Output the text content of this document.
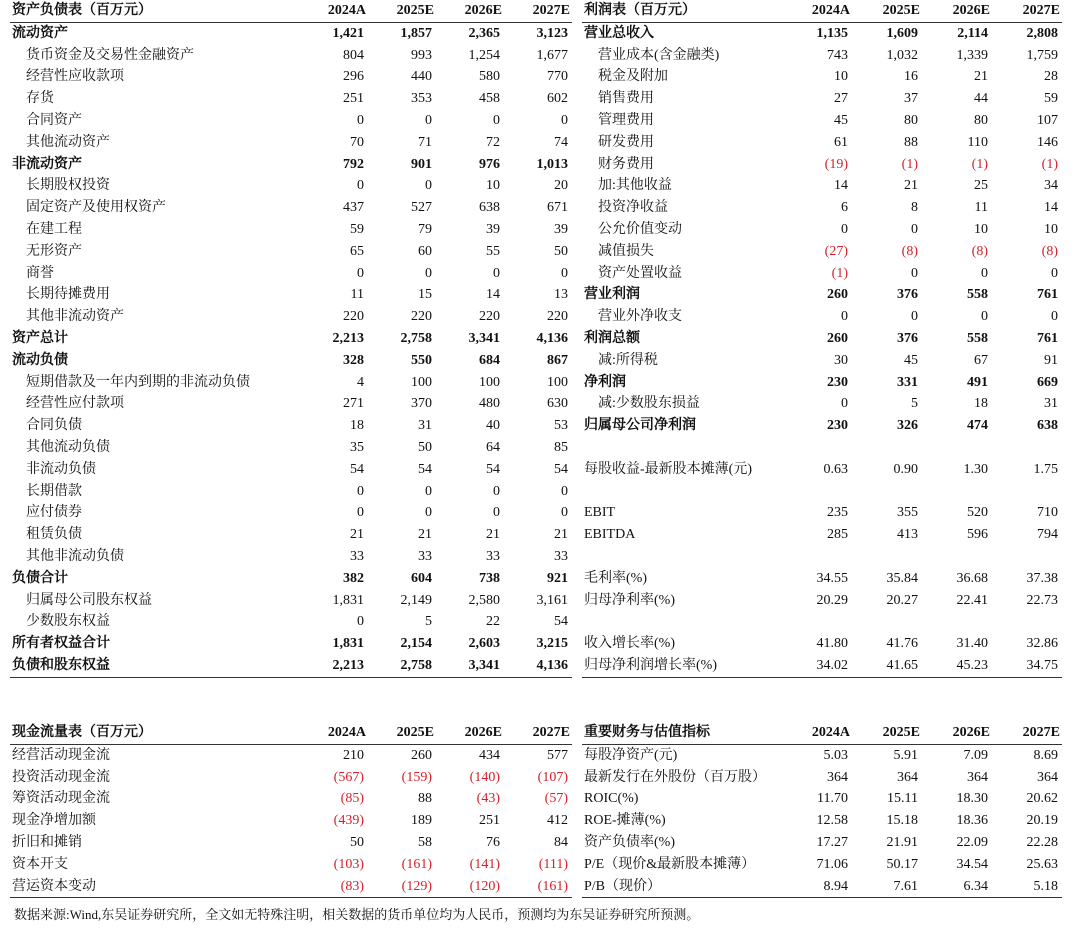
资产负债表（百万元）	2024A	2025E	2026E	2027E
流动资产	1,421	1,857	2,365	3,123
货币资金及交易性金融资产	804	993	1,254	1,677
经营性应收款项	296	440	580	770
存货	251	353	458	602
合同资产	0	0	0	0
其他流动资产	70	71	72	74
非流动资产	792	901	976	1,013
长期股权投资	0	0	10	20
固定资产及使用权资产	437	527	638	671
在建工程	59	79	39	39
无形资产	65	60	55	50
商誉	0	0	0	0
长期待摊费用	11	15	14	13
其他非流动资产	220	220	220	220
资产总计	2,213	2,758	3,341	4,136
流动负债	328	550	684	867
短期借款及一年内到期的非流动负债	4	100	100	100
经营性应付款项	271	370	480	630
合同负债	18	31	40	53
其他流动负债	35	50	64	85
非流动负债	54	54	54	54
长期借款	0	0	0	0
应付债券	0	0	0	0
租赁负债	21	21	21	21
其他非流动负债	33	33	33	33
负债合计	382	604	738	921
归属母公司股东权益	1,831	2,149	2,580	3,161
少数股东权益	0	5	22	54
所有者权益合计	1,831	2,154	2,603	3,215
负债和股东权益	2,213	2,758	3,341	4,136
利润表（百万元）	2024A	2025E	2026E	2027E
营业总收入	1,135	1,609	2,114	2,808
营业成本(含金融类)	743	1,032	1,339	1,759
税金及附加	10	16	21	28
销售费用	27	37	44	59
管理费用	45	80	80	107
研发费用	61	88	110	146
财务费用	(19)	(1)	(1)	(1)
加:其他收益	14	21	25	34
投资净收益	6	8	11	14
公允价值变动	0	0	10	10
减值损失	(27)	(8)	(8)	(8)
资产处置收益	(1)	0	0	0
营业利润	260	376	558	761
营业外净收支	0	0	0	0
利润总额	260	376	558	761
减:所得税	30	45	67	91
净利润	230	331	491	669
减:少数股东损益	0	5	18	31
归属母公司净利润	230	326	474	638

每股收益-最新股本摊薄(元)	0.63	0.90	1.30	1.75

EBIT	235	355	520	710
EBITDA	285	413	596	794

毛利率(%)	34.55	35.84	36.68	37.38
归母净利率(%)	20.29	20.27	22.41	22.73

收入增长率(%)	41.80	41.76	31.40	32.86
归母净利润增长率(%)	34.02	41.65	45.23	34.75
现金流量表（百万元）	2024A	2025E	2026E	2027E
经营活动现金流	210	260	434	577
投资活动现金流	(567)	(159)	(140)	(107)
筹资活动现金流	(85)	88	(43)	(57)
现金净增加额	(439)	189	251	412
折旧和摊销	50	58	76	84
资本开支	(103)	(161)	(141)	(111)
营运资本变动	(83)	(129)	(120)	(161)
重要财务与估值指标	2024A	2025E	2026E	2027E
每股净资产(元)	5.03	5.91	7.09	8.69
最新发行在外股份（百万股）	364	364	364	364
ROIC(%)	11.70	15.11	18.30	20.62
ROE-摊薄(%)	12.58	15.18	18.36	20.19
资产负债率(%)	17.27	21.91	22.09	22.28
P/E（现价&最新股本摊薄）	71.06	50.17	34.54	25.63
P/B（现价）	8.94	7.61	6.34	5.18
数据来源:Wind,东吴证券研究所，全文如无特殊注明，相关数据的货币单位均为人民币，预测均为东吴证券研究所预测。
